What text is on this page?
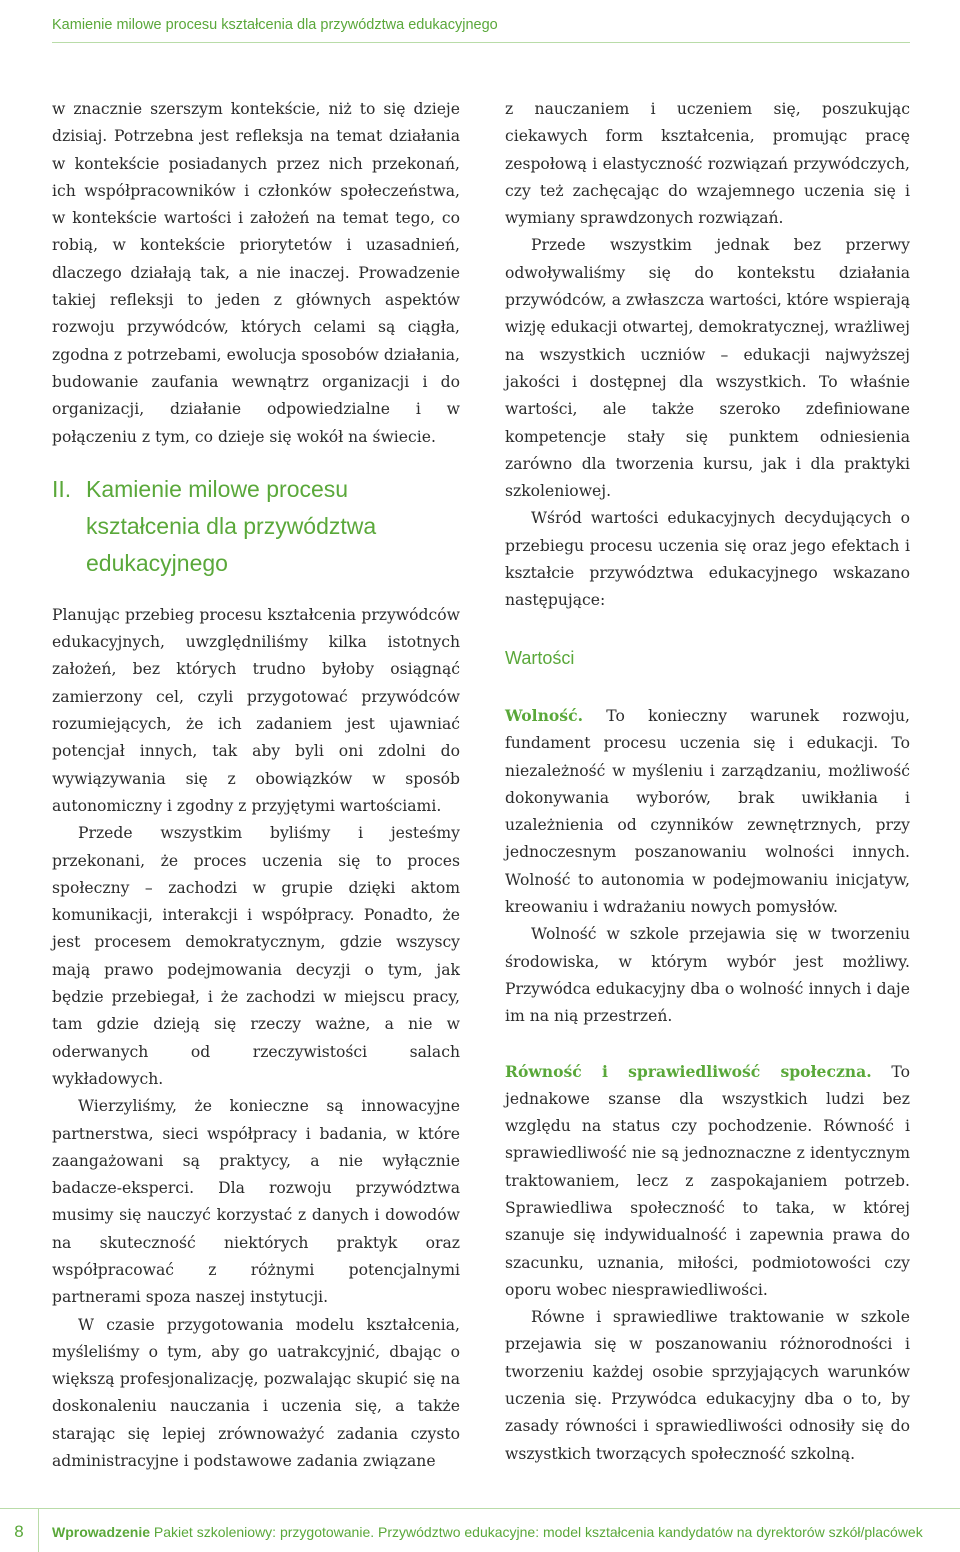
Kamienie milowe procesu kształcenia dla przywództwa edukacyjnego

w znacznie szerszym kontekście, niż to się dzieje dzisiaj. Potrzebna jest refleksja na temat działania w kontekście posiadanych przez nich przekonań, ich współpracowników i członków społeczeństwa, w kontekście wartości i założeń na temat tego, co robią, w kontekście priorytetów i uzasadnień, dlaczego działają tak, a nie inaczej. Prowadzenie takiej refleksji to jeden z głównych aspektów rozwoju przywódców, których celami są ciągła, zgodna z potrzebami, ewolucja sposobów działania, budowanie zaufania wewnątrz organizacji i do organizacji, działanie odpowiedzialne i w połączeniu z tym, co dzieje się wokół na świecie.

II. Kamienie milowe procesu kształcenia dla przywództwa edukacyjnego

Planując przebieg procesu kształcenia przywódców edukacyjnych, uwzględniliśmy kilka istotnych założeń, bez których trudno byłoby osiągnąć zamierzony cel, czyli przygotować przywódców rozumiejących, że ich zadaniem jest ujawniać potencjał innych, tak aby byli oni zdolni do wywiązywania się z obowiązków w sposób autonomiczny i zgodny z przyjętymi wartościami.

Przede wszystkim byliśmy i jesteśmy przekonani, że proces uczenia się to proces społeczny – zachodzi w grupie dzięki aktom komunikacji, interakcji i współpracy. Ponadto, że jest procesem demokratycznym, gdzie wszyscy mają prawo podejmowania decyzji o tym, jak będzie przebiegał, i że zachodzi w miejscu pracy, tam gdzie dzieją się rzeczy ważne, a nie w oderwanych od rzeczywistości salach wykładowych.

Wierzyliśmy, że konieczne są innowacyjne partnerstwa, sieci współpracy i badania, w które zaangażowani są praktycy, a nie wyłącznie badacze-eksperci. Dla rozwoju przywództwa musimy się nauczyć korzystać z danych i dowodów na skuteczność niektórych praktyk oraz współpracować z różnymi potencjalnymi partnerami spoza naszej instytucji.

W czasie przygotowania modelu kształcenia, myśleliśmy o tym, aby go uatrakcyjnić, dbając o większą profesjonalizację, pozwalając skupić się na doskonaleniu nauczania i uczenia się, a także starając się lepiej zrównoważyć zadania czysto administracyjne i podstawowe zadania związane

z nauczaniem i uczeniem się, poszukując ciekawych form kształcenia, promując pracę zespołową i elastyczność rozwiązań przywódczych, czy też zachęcając do wzajemnego uczenia się i wymiany sprawdzonych rozwiązań.

Przede wszystkim jednak bez przerwy odwoływaliśmy się do kontekstu działania przywódców, a zwłaszcza wartości, które wspierają wizję edukacji otwartej, demokratycznej, wrażliwej na wszystkich uczniów – edukacji najwyższej jakości i dostępnej dla wszystkich. To właśnie wartości, ale także szeroko zdefiniowane kompetencje stały się punktem odniesienia zarówno dla tworzenia kursu, jak i dla praktyki szkoleniowej.

Wśród wartości edukacyjnych decydujących o przebiegu procesu uczenia się oraz jego efektach i kształcie przywództwa edukacyjnego wskazano następujące:

Wartości

Wolność. To konieczny warunek rozwoju, fundament procesu uczenia się i edukacji. To niezależność w myśleniu i zarządzaniu, możliwość dokonywania wyborów, brak uwikłania i uzależnienia od czynników zewnętrznych, przy jednoczesnym poszanowaniu wolności innych. Wolność to autonomia w podejmowaniu inicjatyw, kreowaniu i wdrażaniu nowych pomysłów.

Wolność w szkole przejawia się w tworzeniu środowiska, w którym wybór jest możliwy. Przywódca edukacyjny dba o wolność innych i daje im na nią przestrzeń.

Równość i sprawiedliwość społeczna. To jednakowe szanse dla wszystkich ludzi bez względu na status czy pochodzenie. Równość i sprawiedliwość nie są jednoznaczne z identycznym traktowaniem, lecz z zaspokajaniem potrzeb. Sprawiedliwa społeczność to taka, w której szanuje się indywidualność i zapewnia prawa do szacunku, uznania, miłości, podmiotowości czy oporu wobec niesprawiedliwości.

Równe i sprawiedliwe traktowanie w szkole przejawia się w poszanowaniu różnorodności i tworzeniu każdej osobie sprzyjających warunków uczenia się. Przywódca edukacyjny dba o to, by zasady równości i sprawiedliwości odnosiły się do wszystkich tworzących społeczność szkolną.

8	Wprowadzenie Pakiet szkoleniowy: przygotowanie. Przywództwo edukacyjne: model kształcenia kandydatów na dyrektorów szkół/placówek
